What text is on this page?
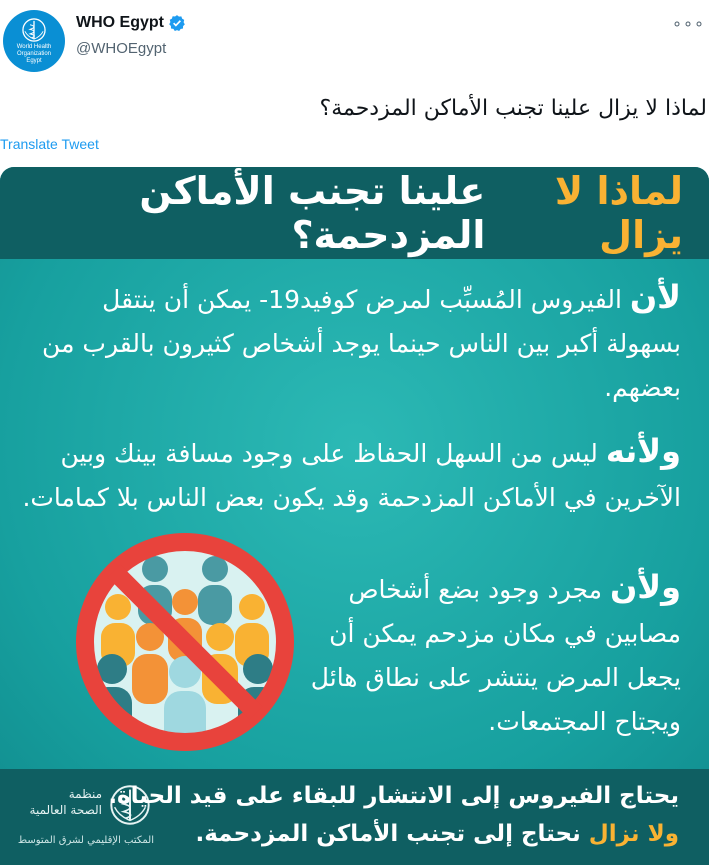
World Health
Organization
Egypt
WHO Egypt
@WHOEgypt
∘∘∘
لماذا لا يزال علينا تجنب الأماكن المزدحمة؟
Translate Tweet
لماذا لا يزال
علينا تجنب الأماكن المزدحمة؟
لأن الفيروس المُسبِّب لمرض كوفيد19- يمكن أن ينتقل بسهولة أكبر بين الناس حينما يوجد أشخاص كثيرون بالقرب من بعضهم.
ولأنه ليس من السهل الحفاظ على وجود مسافة بينك وبين الآخرين في الأماكن المزدحمة وقد يكون بعض الناس بلا كمامات.
ولأن مجرد وجود بضع أشخاص مصابين في مكان مزدحم يمكن أن يجعل المرض ينتشر على نطاق هائل ويجتاح المجتمعات.
منظمة
الصحة العالمية
المكتب الإقليمي لشرق المتوسط
يحتاج الفيروس إلى الانتشار للبقاء على قيد الحياة.
ولا نزال نحتاج إلى تجنب الأماكن المزدحمة.
